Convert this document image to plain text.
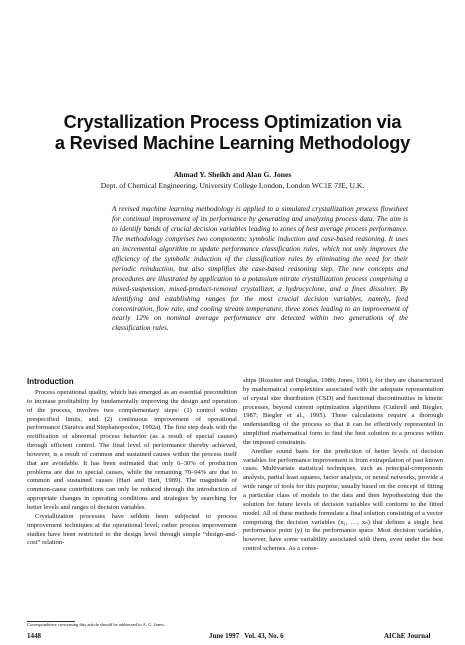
Crystallization Process Optimization via
a Revised Machine Learning Methodology
Ahmad Y. Sheikh and Alan G. Jones
Dept. of Chemical Engineering, University College London, London WC1E 7JE, U.K.
A revised machine learning methodology is applied to a simulated crystallization process flowsheet for continual improvement of its performance by generating and analyzing process data. The aim is to identify bands of crucial decision variables leading to zones of best average process performance. The methodology comprises two components: symbolic induction and case-based reasoning. It uses an incremental algorithm to update performance classification rules, which not only improves the efficiency of the symbolic induction of the classification rules by eliminating the need for their periodic reinduction, but also simplifies the case-based reasoning step. The new concepts and procedures are illustrated by application to a potassium nitrate crystallization process comprising a mixed-suspension, mixed-product-removal crystallizer, a hydrocyclone, and a fines dissolver. By identifying and establishing ranges for the most crucial decision variables, namely, feed concentration, flow rate, and cooling stream temperature, three zones leading to an improvement of nearly 12% on nominal average performance are detected within two generations of the classification rules.
Introduction

Process operational quality, which has emerged as an essential precondition to increase profitability by fundamentally improving the design and operation of the process, involves two complementary steps: (1) control within prespecified limits, and (2) continuous improvement of operational performance (Saraiva and Stephanopoulos, 1992a). The first step deals with the rectification of abnormal process behavior (as a result of special causes) through efficient control. The final level of performance thereby achieved, however, is a result of common and sustained causes within the process itself that are avoidable. It has been estimated that only 6–30% of production problems are due to special causes, while the remaining 70–94% are due to common and sustained causes (Hart and Hart, 1989). The magnitude of common-cause contributions can only be reduced through the introduction of appropriate changes in operating conditions and strategies by searching for better levels and ranges of decision variables.

Crystallization processes have seldom been subjected to process improvement techniques at the operational level; rather process improvement studies have been restricted to the design level through simple “design-and-cost” relation-

ships (Rossiter and Douglas, 1986; Jones, 1991), for they are characterized by mathematical complexities associated with the adequate representation of crystal size distribution (CSD) and functional discontinuities in kinetic processes, beyond current optimization algorithms (Cuthrell and Biegler, 1987; Biegler et al., 1995). These calculations require a thorough understanding of the process so that it can be effectively represented in simplified mathematical form to find the best solution to a process within the imposed constraints.

Another sound basis for the prediction of better levels of decision variables for performance improvement is from extrapolation of past known cases. Multivariate statistical techniques, such as principal-components analysis, partial least squares, factor analysis, or neural networks, provide a wide range of tools for this purpose, usually based on the concept of fitting a particular class of models to the data and then hypothesizing that the solution for future levels of decision variables will conform to the fitted model. All of these methods formulate a final solution consisting of a vector comprising the decision variables (x₁, …, xₙ) that defines a single best performance point (y) in the performance space. Most decision variables, however, have some variability associated with them, even under the best control schemes. As a conse-

Correspondence concerning this article should be addressed to A. G. Jones.
1448	June 1997   Vol. 43, No. 6	AIChE Journal
